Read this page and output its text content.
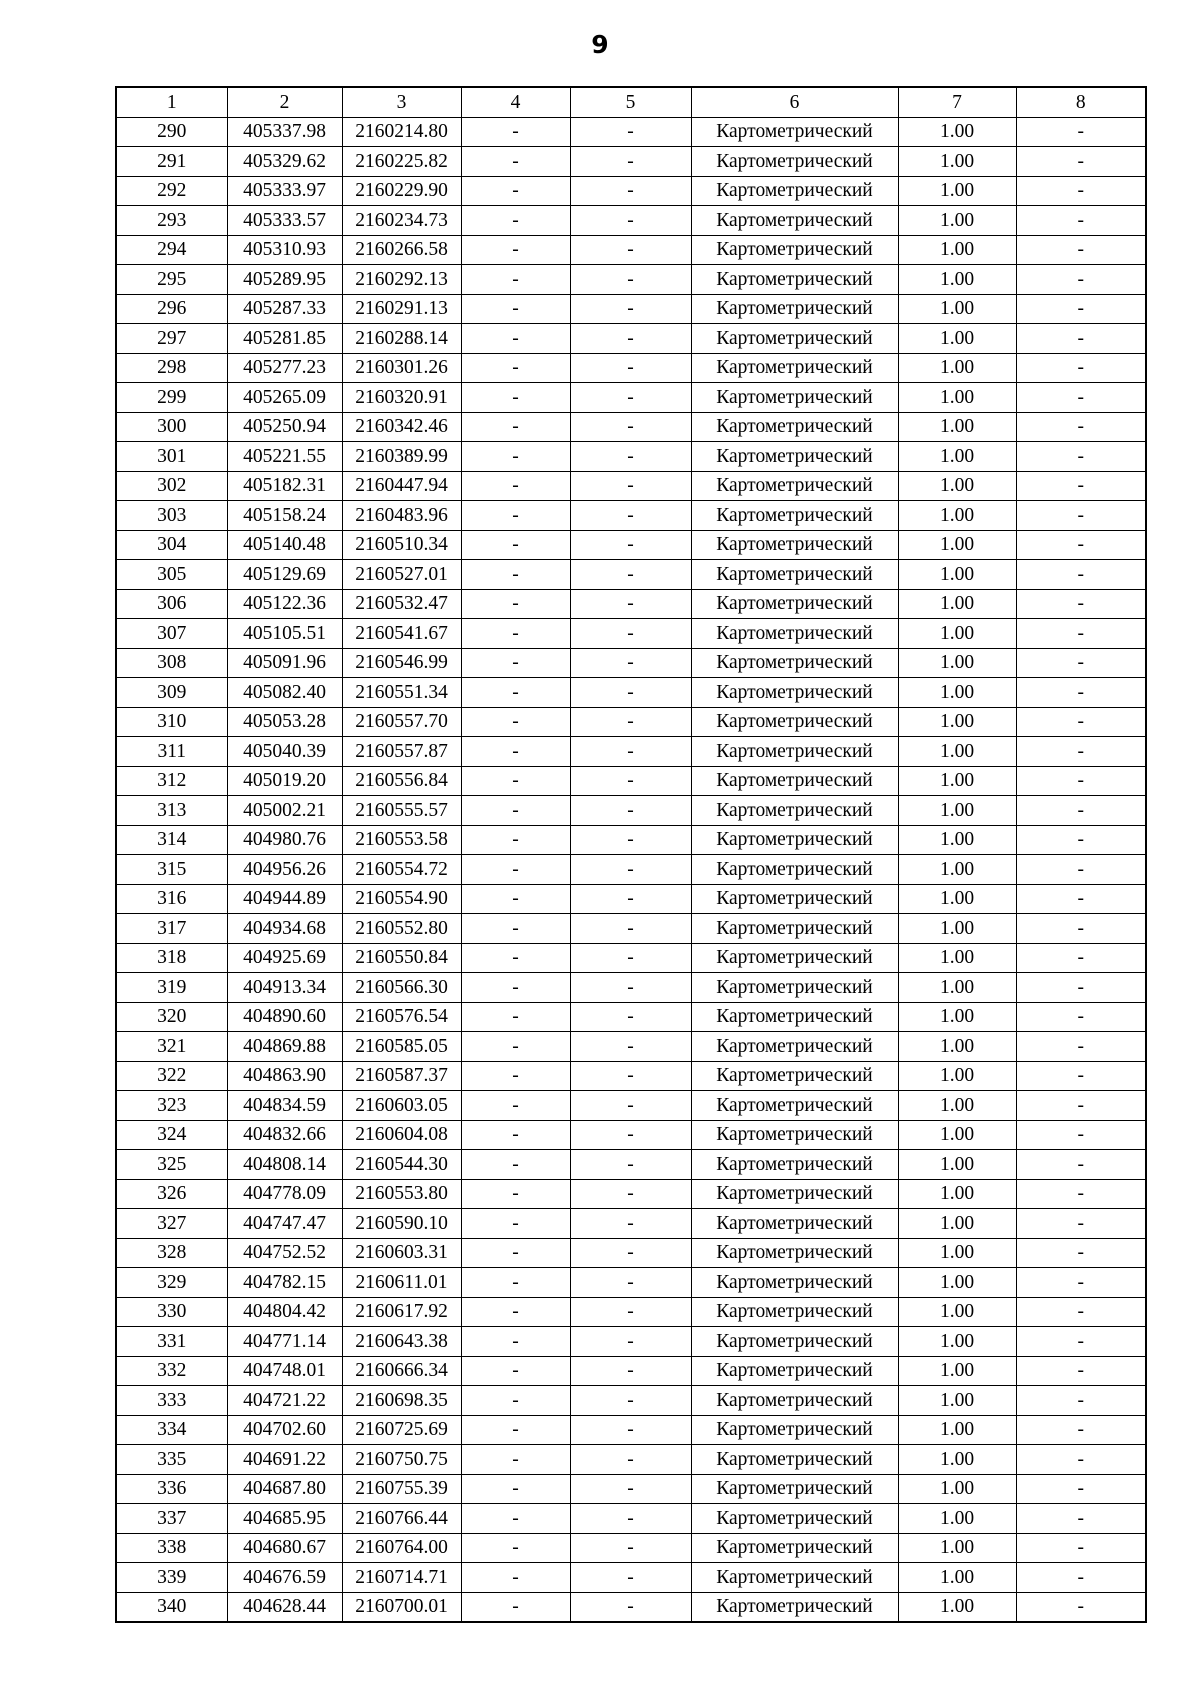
9
1	2	3	4	5	6	7	8
290	405337.98	2160214.80	-	-	Картометрический	1.00	-
291	405329.62	2160225.82	-	-	Картометрический	1.00	-
292	405333.97	2160229.90	-	-	Картометрический	1.00	-
293	405333.57	2160234.73	-	-	Картометрический	1.00	-
294	405310.93	2160266.58	-	-	Картометрический	1.00	-
295	405289.95	2160292.13	-	-	Картометрический	1.00	-
296	405287.33	2160291.13	-	-	Картометрический	1.00	-
297	405281.85	2160288.14	-	-	Картометрический	1.00	-
298	405277.23	2160301.26	-	-	Картометрический	1.00	-
299	405265.09	2160320.91	-	-	Картометрический	1.00	-
300	405250.94	2160342.46	-	-	Картометрический	1.00	-
301	405221.55	2160389.99	-	-	Картометрический	1.00	-
302	405182.31	2160447.94	-	-	Картометрический	1.00	-
303	405158.24	2160483.96	-	-	Картометрический	1.00	-
304	405140.48	2160510.34	-	-	Картометрический	1.00	-
305	405129.69	2160527.01	-	-	Картометрический	1.00	-
306	405122.36	2160532.47	-	-	Картометрический	1.00	-
307	405105.51	2160541.67	-	-	Картометрический	1.00	-
308	405091.96	2160546.99	-	-	Картометрический	1.00	-
309	405082.40	2160551.34	-	-	Картометрический	1.00	-
310	405053.28	2160557.70	-	-	Картометрический	1.00	-
311	405040.39	2160557.87	-	-	Картометрический	1.00	-
312	405019.20	2160556.84	-	-	Картометрический	1.00	-
313	405002.21	2160555.57	-	-	Картометрический	1.00	-
314	404980.76	2160553.58	-	-	Картометрический	1.00	-
315	404956.26	2160554.72	-	-	Картометрический	1.00	-
316	404944.89	2160554.90	-	-	Картометрический	1.00	-
317	404934.68	2160552.80	-	-	Картометрический	1.00	-
318	404925.69	2160550.84	-	-	Картометрический	1.00	-
319	404913.34	2160566.30	-	-	Картометрический	1.00	-
320	404890.60	2160576.54	-	-	Картометрический	1.00	-
321	404869.88	2160585.05	-	-	Картометрический	1.00	-
322	404863.90	2160587.37	-	-	Картометрический	1.00	-
323	404834.59	2160603.05	-	-	Картометрический	1.00	-
324	404832.66	2160604.08	-	-	Картометрический	1.00	-
325	404808.14	2160544.30	-	-	Картометрический	1.00	-
326	404778.09	2160553.80	-	-	Картометрический	1.00	-
327	404747.47	2160590.10	-	-	Картометрический	1.00	-
328	404752.52	2160603.31	-	-	Картометрический	1.00	-
329	404782.15	2160611.01	-	-	Картометрический	1.00	-
330	404804.42	2160617.92	-	-	Картометрический	1.00	-
331	404771.14	2160643.38	-	-	Картометрический	1.00	-
332	404748.01	2160666.34	-	-	Картометрический	1.00	-
333	404721.22	2160698.35	-	-	Картометрический	1.00	-
334	404702.60	2160725.69	-	-	Картометрический	1.00	-
335	404691.22	2160750.75	-	-	Картометрический	1.00	-
336	404687.80	2160755.39	-	-	Картометрический	1.00	-
337	404685.95	2160766.44	-	-	Картометрический	1.00	-
338	404680.67	2160764.00	-	-	Картометрический	1.00	-
339	404676.59	2160714.71	-	-	Картометрический	1.00	-
340	404628.44	2160700.01	-	-	Картометрический	1.00	-
